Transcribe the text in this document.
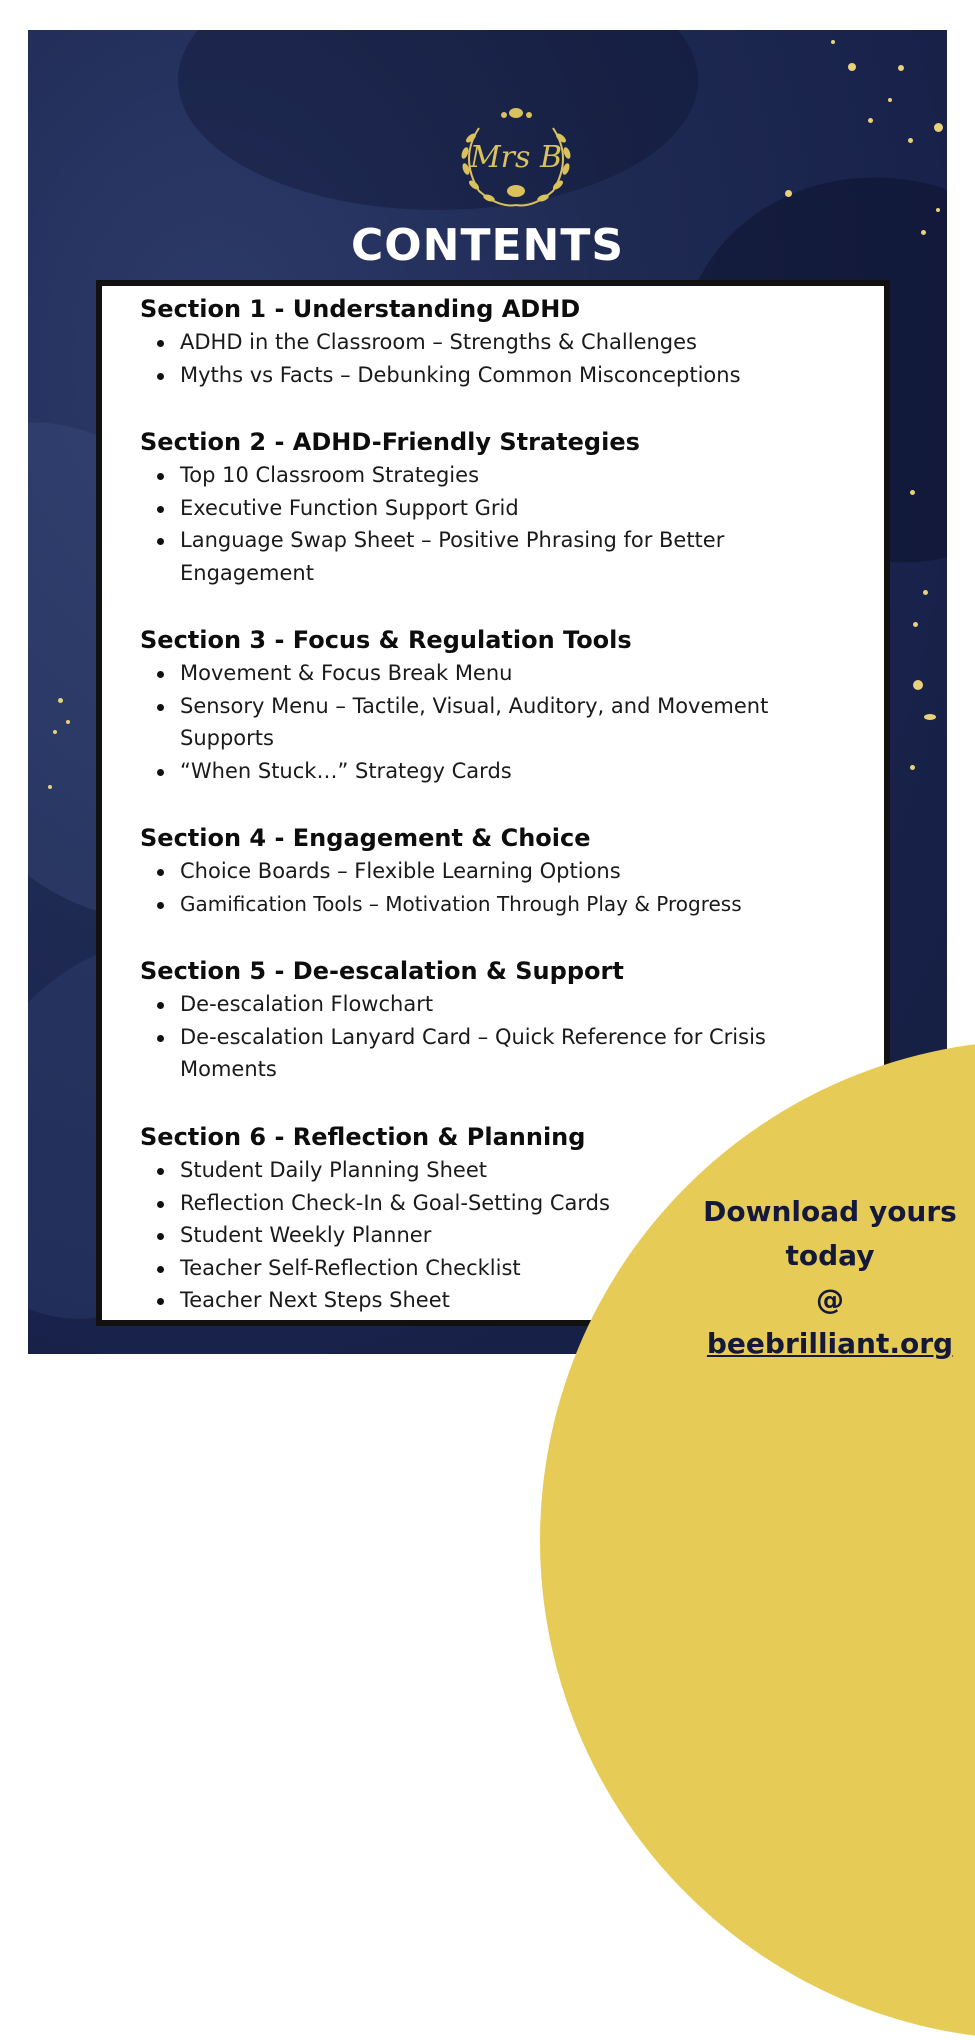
Mrs B
CONTENTS
Section 1 - Understanding ADHD
ADHD in the Classroom – Strengths & Challenges
Myths vs Facts – Debunking Common Misconceptions
Section 2 - ADHD-Friendly Strategies
Top 10 Classroom Strategies
Executive Function Support Grid
Language Swap Sheet – Positive Phrasing for Better Engagement
Section 3 - Focus & Regulation Tools
Movement & Focus Break Menu
Sensory Menu – Tactile, Visual, Auditory, and Movement Supports
“When Stuck…” Strategy Cards
Section 4 - Engagement & Choice
Choice Boards – Flexible Learning Options
Gamification Tools – Motivation Through Play & Progress
Section 5 - De-escalation & Support
De-escalation Flowchart
De-escalation Lanyard Card – Quick Reference for Crisis Moments
Section 6 - Reflection & Planning
Student Daily Planning Sheet
Reflection Check-In & Goal-Setting Cards
Student Weekly Planner
Teacher Self-Reflection Checklist
Teacher Next Steps Sheet
Download yours
today
@
beebrilliant.org
